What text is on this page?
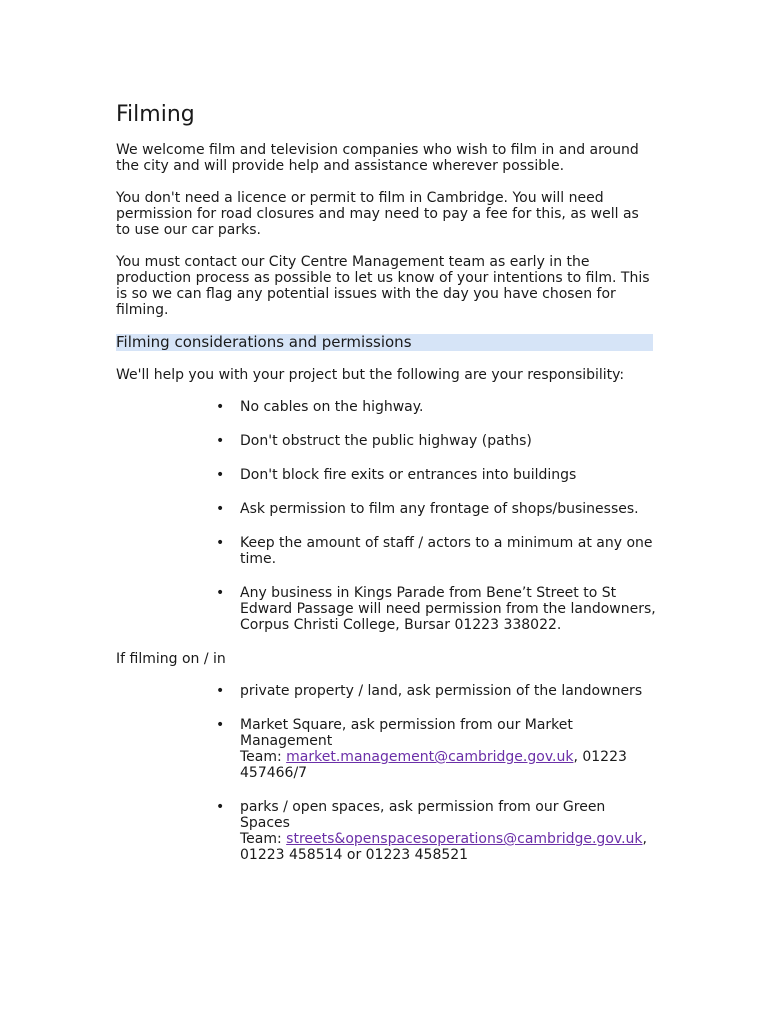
Filming

We welcome film and television companies who wish to film in and around the city and will provide help and assistance wherever possible.

You don't need a licence or permit to film in Cambridge. You will need permission for road closures and may need to pay a fee for this, as well as to use our car parks.

You must contact our City Centre Management team as early in the production process as possible to let us know of your intentions to film. This is so we can flag any potential issues with the day you have chosen for filming.

Filming considerations and permissions

We'll help you with your project but the following are your responsibility:

• No cables on the highway.
• Don't obstruct the public highway (paths)
• Don't block fire exits or entrances into buildings
• Ask permission to film any frontage of shops/businesses.
• Keep the amount of staff / actors to a minimum at any one time.
• Any business in Kings Parade from Bene’t Street to St Edward Passage will need permission from the landowners, Corpus Christi College, Bursar 01223 338022.

If filming on / in

• private property / land, ask permission of the landowners
• Market Square, ask permission from our Market Management
Team: market.management@cambridge.gov.uk, 01223 457466/7
• parks / open spaces, ask permission from our Green Spaces
Team: streets&openspacesoperations@cambridge.gov.uk, 01223 458514 or 01223 458521
